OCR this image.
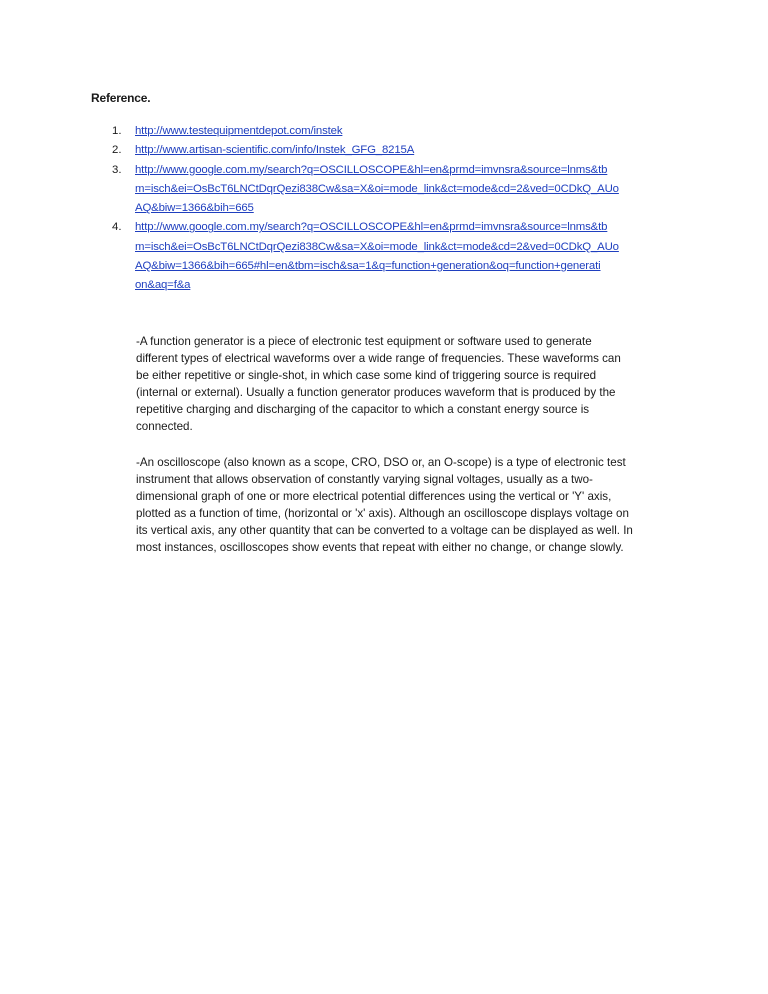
Reference.
1. http://www.testequipmentdepot.com/instek
2. http://www.artisan-scientific.com/info/Instek_GFG_8215A
3. http://www.google.com.my/search?q=OSCILLOSCOPE&hl=en&prmd=imvnsra&source=lnms&tb
m=isch&ei=OsBcT6LNCtDqrQezi838Cw&sa=X&oi=mode_link&ct=mode&cd=2&ved=0CDkQ_AUo
AQ&biw=1366&bih=665
4. http://www.google.com.my/search?q=OSCILLOSCOPE&hl=en&prmd=imvnsra&source=lnms&tb
m=isch&ei=OsBcT6LNCtDqrQezi838Cw&sa=X&oi=mode_link&ct=mode&cd=2&ved=0CDkQ_AUo
AQ&biw=1366&bih=665#hl=en&tbm=isch&sa=1&q=function+generation&oq=function+generati
on&aq=f&a

-A function generator is a piece of electronic test equipment or software used to generate
different types of electrical waveforms over a wide range of frequencies. These waveforms can
be either repetitive or single-shot, in which case some kind of triggering source is required
(internal or external). Usually a function generator produces waveform that is produced by the
repetitive charging and discharging of the capacitor to which a constant energy source is
connected.

-An oscilloscope (also known as a scope, CRO, DSO or, an O-scope) is a type of electronic test
instrument that allows observation of constantly varying signal voltages, usually as a two-
dimensional graph of one or more electrical potential differences using the vertical or 'Y' axis,
plotted as a function of time, (horizontal or 'x' axis). Although an oscilloscope displays voltage on
its vertical axis, any other quantity that can be converted to a voltage can be displayed as well. In
most instances, oscilloscopes show events that repeat with either no change, or change slowly.
